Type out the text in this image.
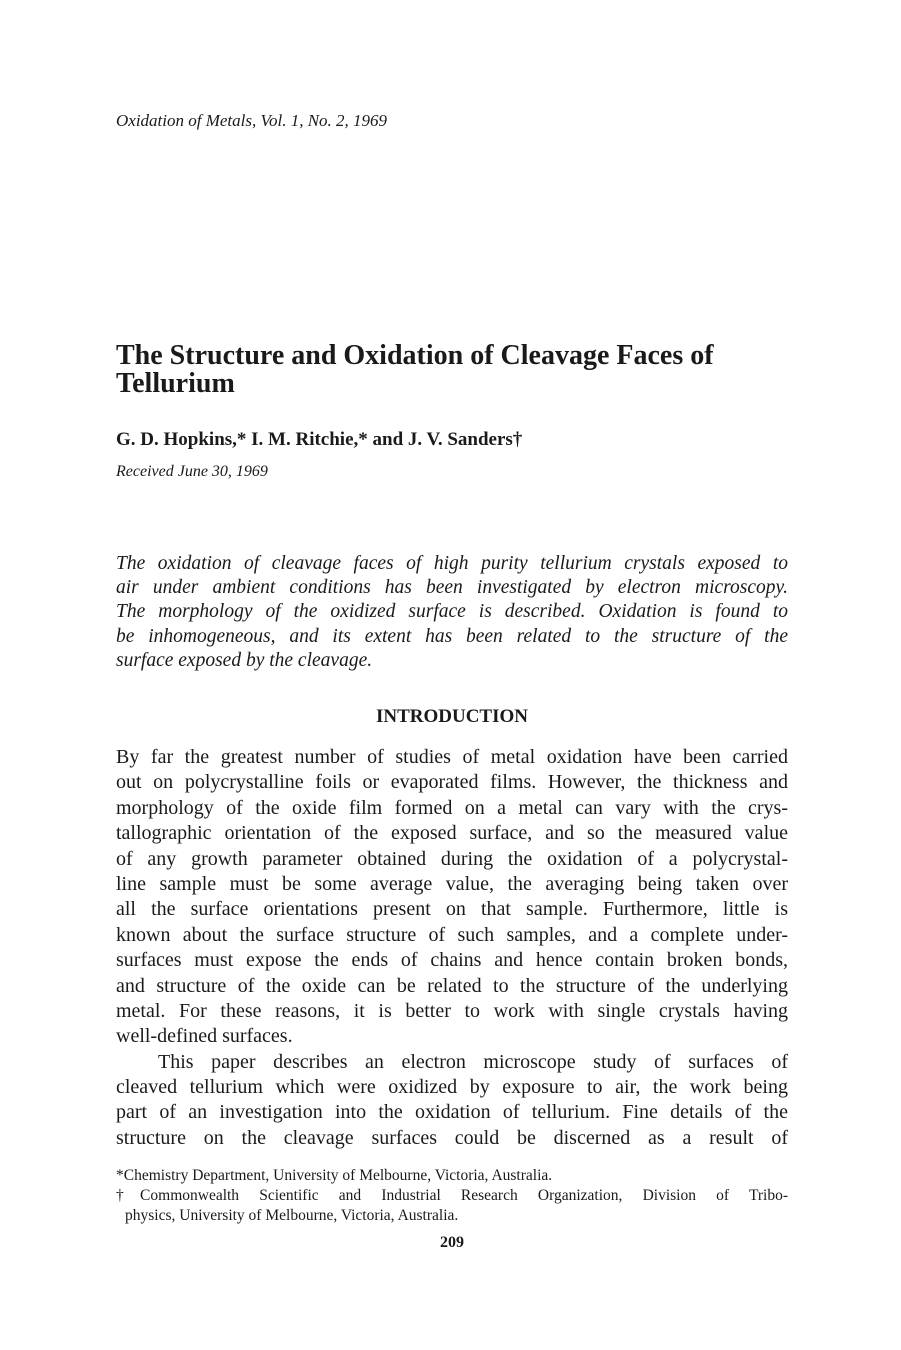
Oxidation of Metals, Vol. 1, No. 2, 1969
The Structure and Oxidation of Cleavage Faces of
Tellurium
G. D. Hopkins,* I. M. Ritchie,* and J. V. Sanders†
Received June 30, 1969
The oxidation of cleavage faces of high purity tellurium crystals exposed to
air under ambient conditions has been investigated by electron microscopy.
The morphology of the oxidized surface is described. Oxidation is found to
be inhomogeneous, and its extent has been related to the structure of the
surface exposed by the cleavage.
INTRODUCTION
By far the greatest number of studies of metal oxidation have been carried
out on polycrystalline foils or evaporated films. However, the thickness and
morphology of the oxide film formed on a metal can vary with the crys-
tallographic orientation of the exposed surface, and so the measured value
of any growth parameter obtained during the oxidation of a polycrystal-
line sample must be some average value, the averaging being taken over
all the surface orientations present on that sample. Furthermore, little is
known about the surface structure of such samples, and a complete under-
surfaces must expose the ends of chains and hence contain broken bonds,
and structure of the oxide can be related to the structure of the underlying
metal. For these reasons, it is better to work with single crystals having
well-defined surfaces.
This paper describes an electron microscope study of surfaces of
cleaved tellurium which were oxidized by exposure to air, the work being
part of an investigation into the oxidation of tellurium. Fine details of the
structure on the cleavage surfaces could be discerned as a result of
*Chemistry Department, University of Melbourne, Victoria, Australia.
†Commonwealth Scientific and Industrial Research Organization, Division of Tribo-
physics, University of Melbourne, Victoria, Australia.
209
